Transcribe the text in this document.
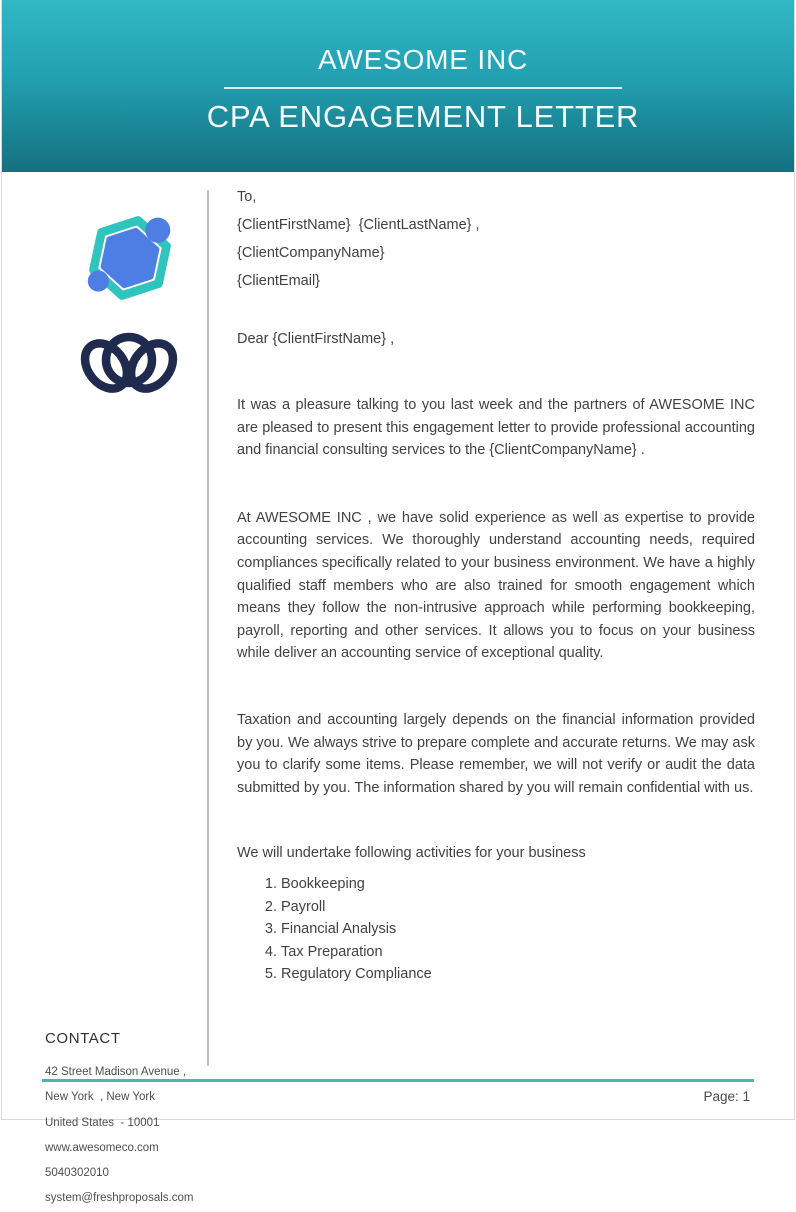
AWESOME INC
CPA ENGAGEMENT LETTER
CONTACT
42 Street Madison Avenue ,
New York  , New York
United States  - 10001
www.awesomeco.com
5040302010
system@freshproposals.com
To,
{ClientFirstName}  {ClientLastName} ,
{ClientCompanyName}
{ClientEmail}
Dear {ClientFirstName} ,

It was a pleasure talking to you last week and the partners of AWESOME INC are pleased to present this engagement letter to provide professional accounting and financial consulting services to the {ClientCompanyName} .

At AWESOME INC , we have solid experience as well as expertise to provide accounting services. We thoroughly understand accounting needs, required compliances specifically related to your business environment. We have a highly qualified staff members who are also trained for smooth engagement which means they follow the non-intrusive approach while performing bookkeeping, payroll, reporting and other services. It allows you to focus on your business while deliver an accounting service of exceptional quality.

Taxation and accounting largely depends on the financial information provided by you. We always strive to prepare complete and accurate returns. We may ask you to clarify some items. Please remember, we will not verify or audit the data submitted by you. The information shared by you will remain confidential with us.

We will undertake following activities for your business
1. Bookkeeping
2. Payroll
3. Financial Analysis
4. Tax Preparation
5. Regulatory Compliance
Page: 1
